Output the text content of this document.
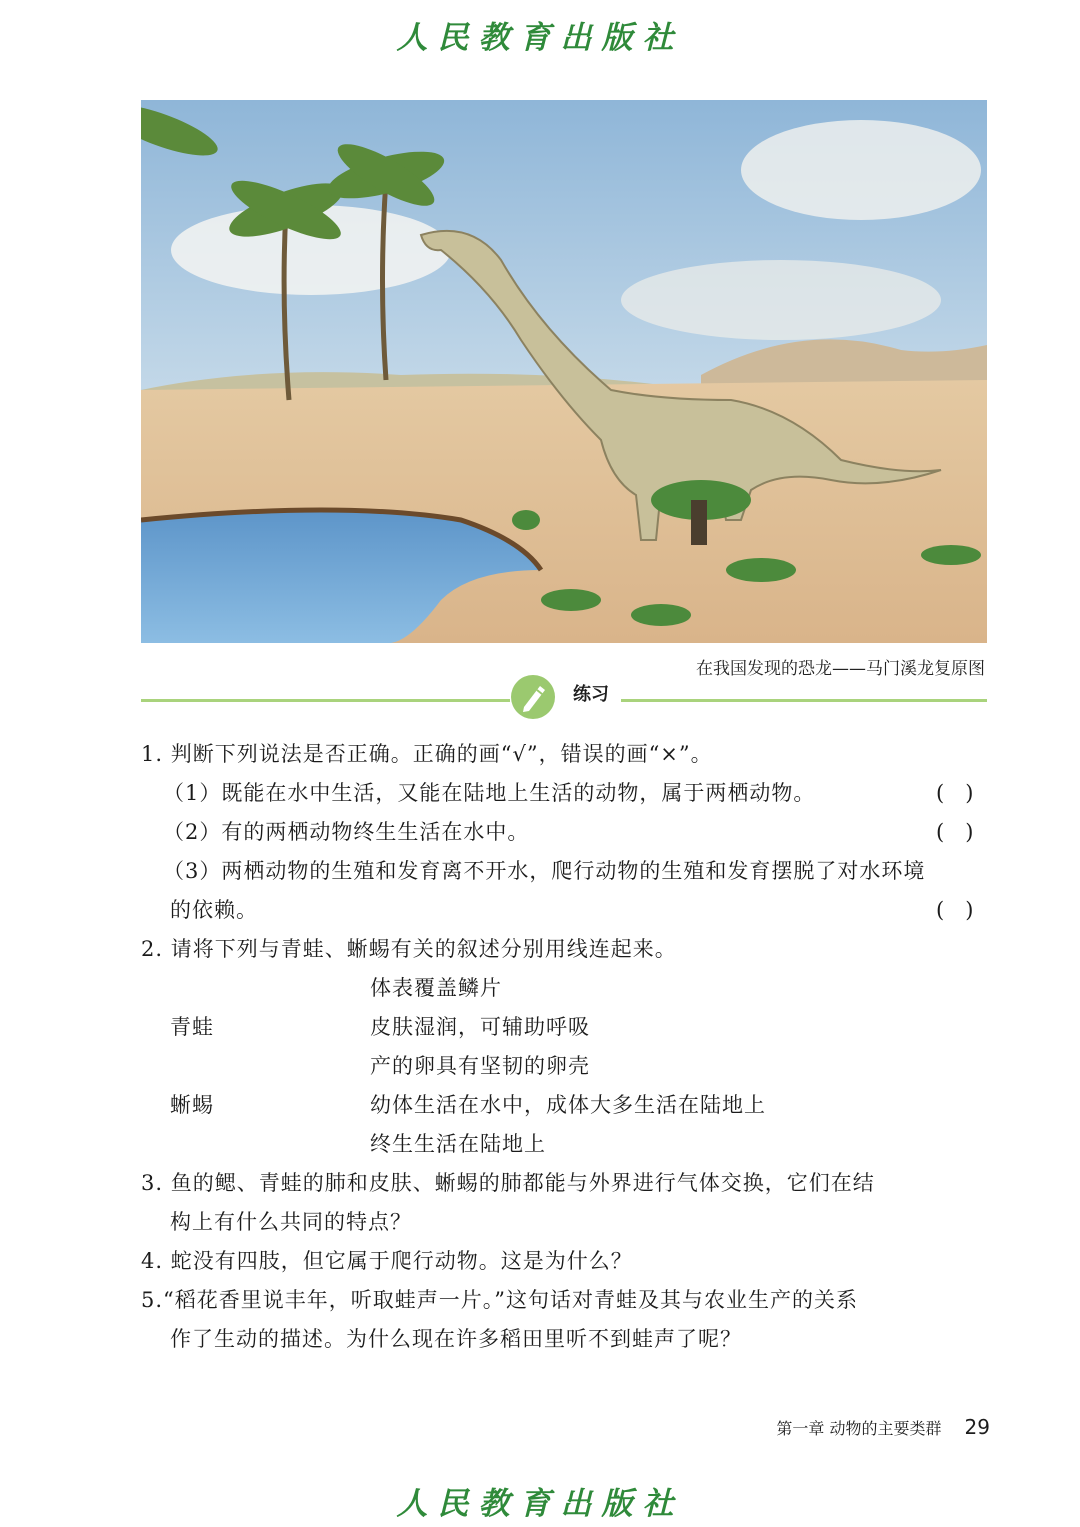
人民教育出版社
在我国发现的恐龙——马门溪龙复原图
练习
1. 判断下列说法是否正确。正确的画“√”，错误的画“×”。
（1）既能在水中生活，又能在陆地上生活的动物，属于两栖动物。	(　)
（2）有的两栖动物终生生活在水中。	(　)
（3）两栖动物的生殖和发育离不开水，爬行动物的生殖和发育摆脱了对水环境
的依赖。	(　)
2. 请将下列与青蛙、蜥蜴有关的叙述分别用线连起来。
体表覆盖鳞片
青蛙	皮肤湿润，可辅助呼吸
产的卵具有坚韧的卵壳
蜥蜴	幼体生活在水中，成体大多生活在陆地上
终生生活在陆地上
3. 鱼的鳃、青蛙的肺和皮肤、蜥蜴的肺都能与外界进行气体交换，它们在结
构上有什么共同的特点？
4. 蛇没有四肢，但它属于爬行动物。这是为什么？
5.“稻花香里说丰年，听取蛙声一片。”这句话对青蛙及其与农业生产的关系
作了生动的描述。为什么现在许多稻田里听不到蛙声了呢？
第一章 动物的主要类群 29
人民教育出版社
